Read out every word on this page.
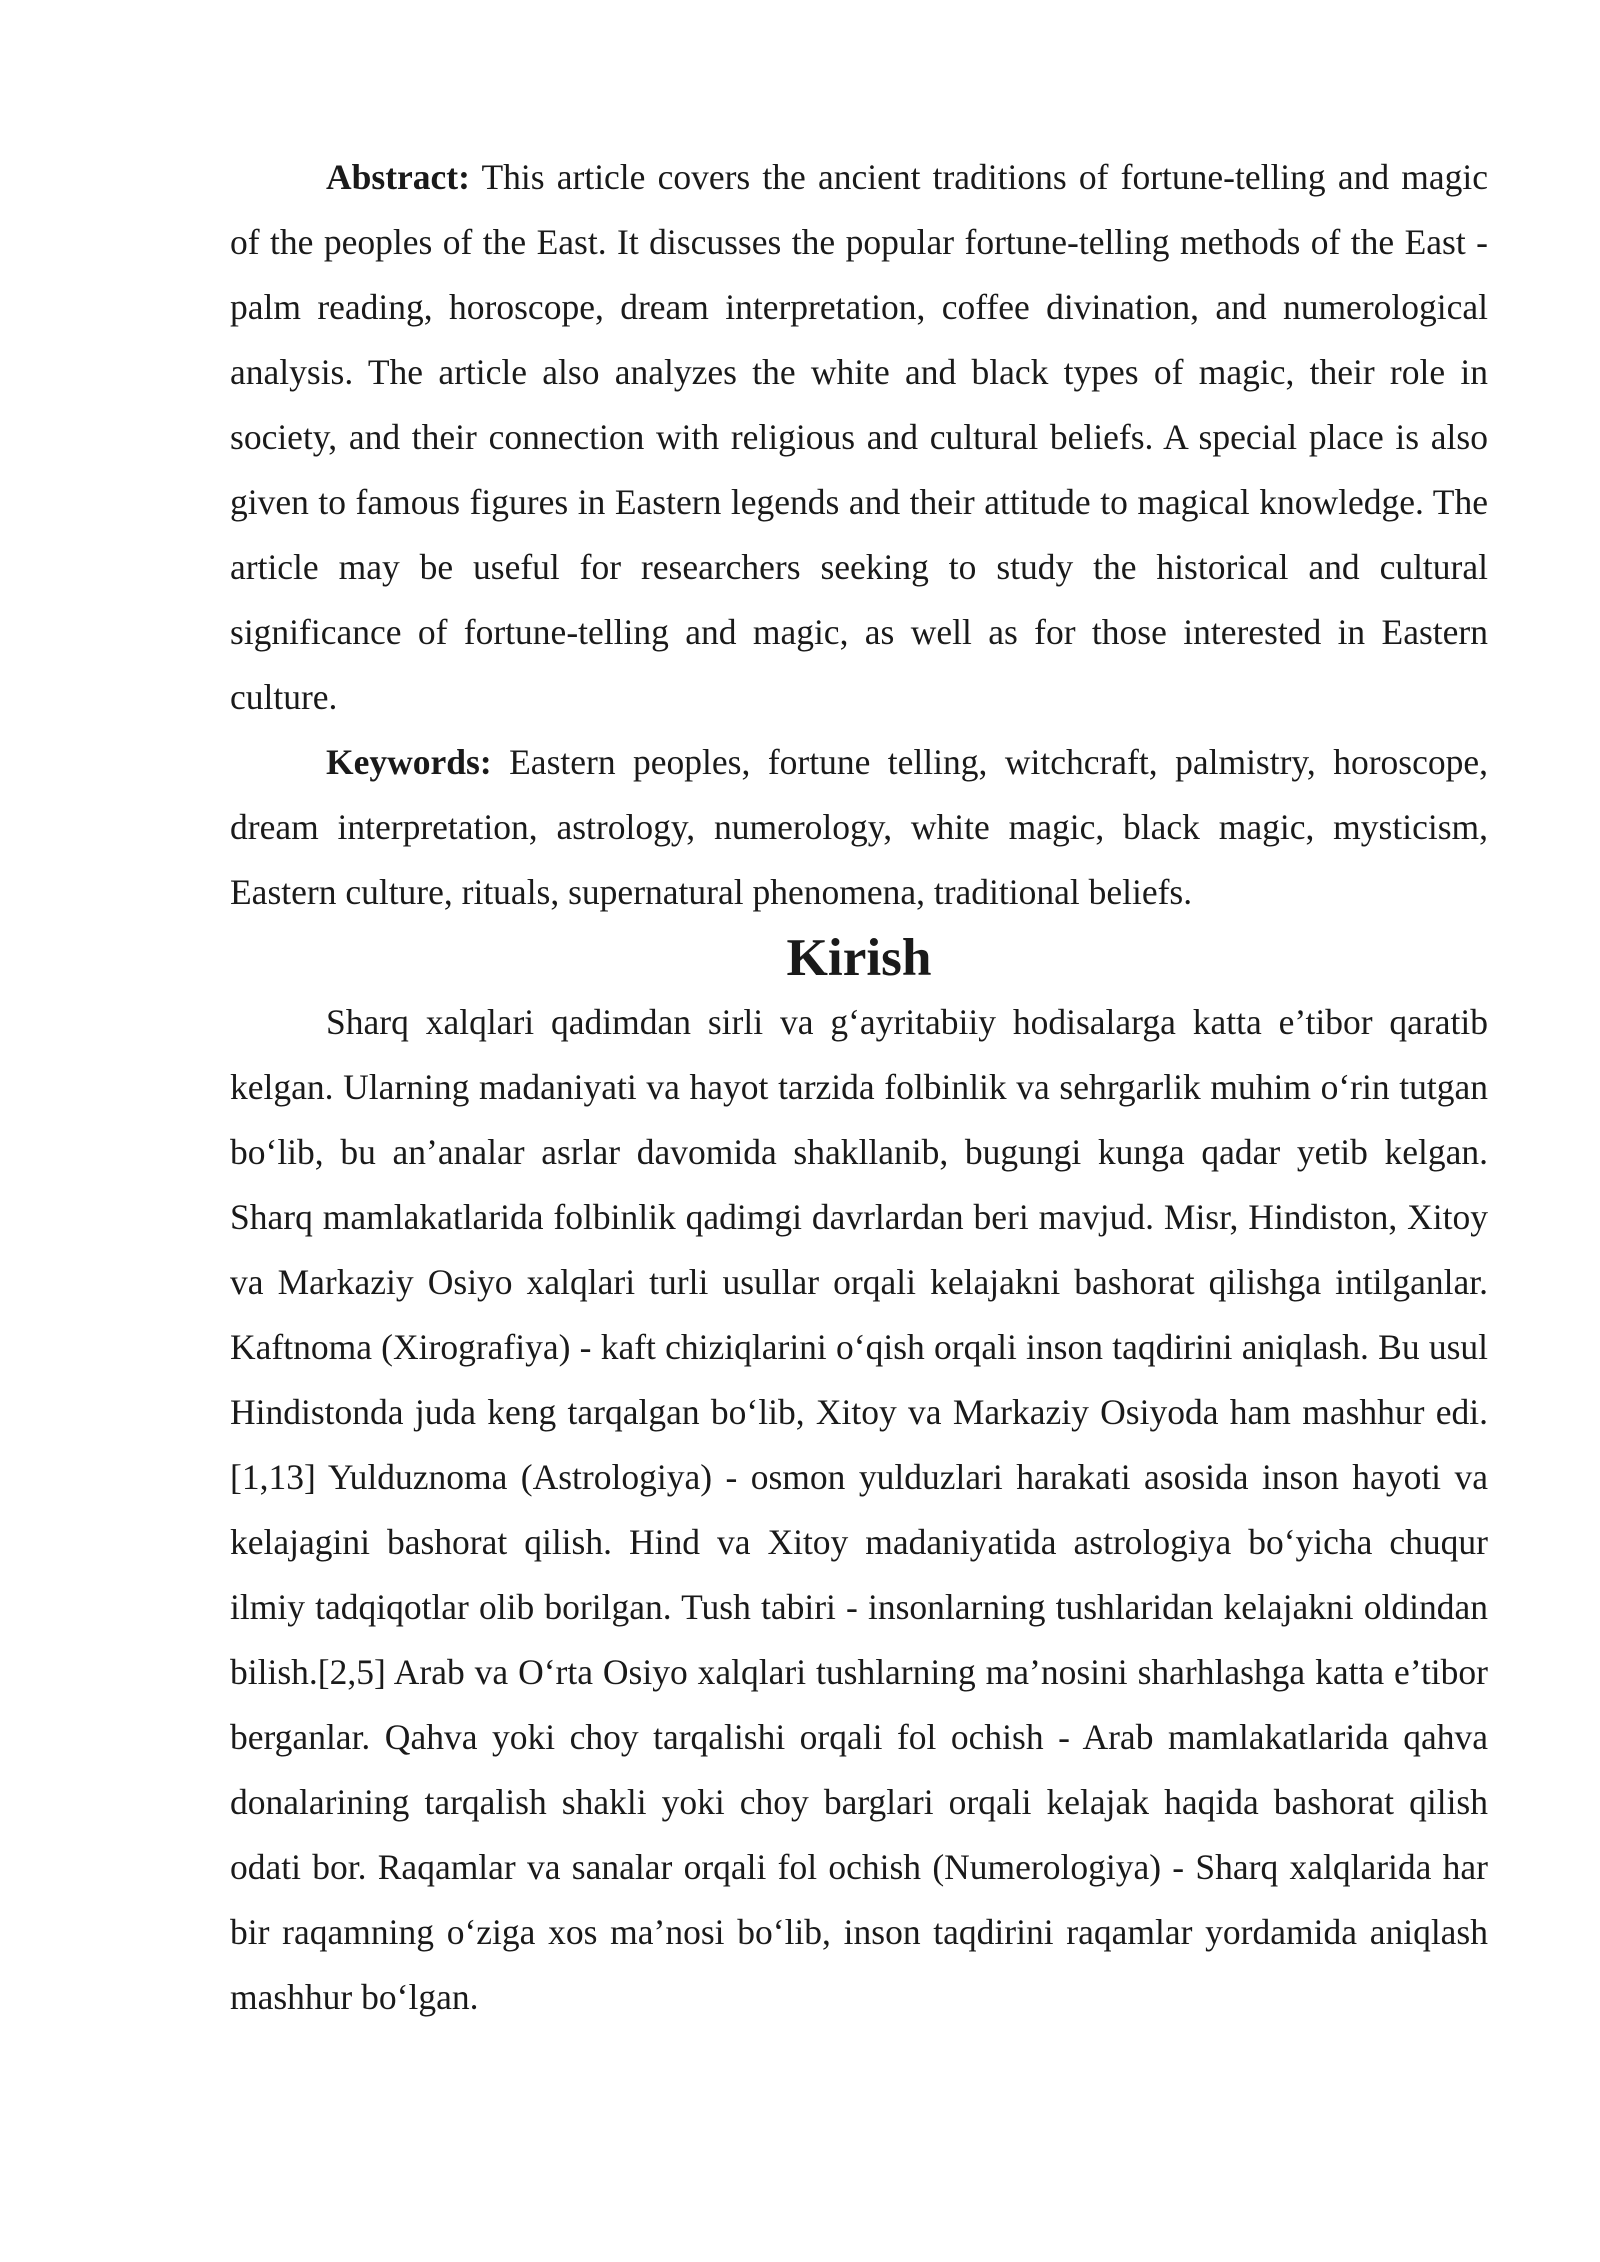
Abstract: This article covers the ancient traditions of fortune-telling and magic of the peoples of the East. It discusses the popular fortune-telling methods of the East - palm reading, horoscope, dream interpretation, coffee divination, and numerological analysis. The article also analyzes the white and black types of magic, their role in society, and their connection with religious and cultural beliefs. A special place is also given to famous figures in Eastern legends and their attitude to magical knowledge. The article may be useful for researchers seeking to study the historical and cultural significance of fortune-telling and magic, as well as for those interested in Eastern culture.

Keywords: Eastern peoples, fortune telling, witchcraft, palmistry, horoscope, dream interpretation, astrology, numerology, white magic, black magic, mysticism, Eastern culture, rituals, supernatural phenomena, traditional beliefs.

Kirish

Sharq xalqlari qadimdan sirli va g‘ayritabiiy hodisalarga katta e’tibor qaratib kelgan. Ularning madaniyati va hayot tarzida folbinlik va sehrgarlik muhim o‘rin tutgan bo‘lib, bu an’analar asrlar davomida shakllanib, bugungi kunga qadar yetib kelgan. Sharq mamlakatlarida folbinlik qadimgi davrlardan beri mavjud. Misr, Hindiston, Xitoy va Markaziy Osiyo xalqlari turli usullar orqali kelajakni bashorat qilishga intilganlar. Kaftnoma (Xirografiya) - kaft chiziqlarini o‘qish orqali inson taqdirini aniqlash. Bu usul Hindistonda juda keng tarqalgan bo‘lib, Xitoy va Markaziy Osiyoda ham mashhur edi.[1,13] Yulduznoma (Astrologiya) - osmon yulduzlari harakati asosida inson hayoti va kelajagini bashorat qilish. Hind va Xitoy madaniyatida astrologiya bo‘yicha chuqur ilmiy tadqiqotlar olib borilgan. Tush tabiri - insonlarning tushlaridan kelajakni oldindan bilish.[2,5] Arab va O‘rta Osiyo xalqlari tushlarning ma’nosini sharhlashga katta e’tibor berganlar. Qahva yoki choy tarqalishi orqali fol ochish - Arab mamlakatlarida qahva donalarining tarqalish shakli yoki choy barglari orqali kelajak haqida bashorat qilish odati bor. Raqamlar va sanalar orqali fol ochish (Numerologiya) - Sharq xalqlarida har bir raqamning o‘ziga xos ma’nosi bo‘lib, inson taqdirini raqamlar yordamida aniqlash mashhur bo‘lgan.
